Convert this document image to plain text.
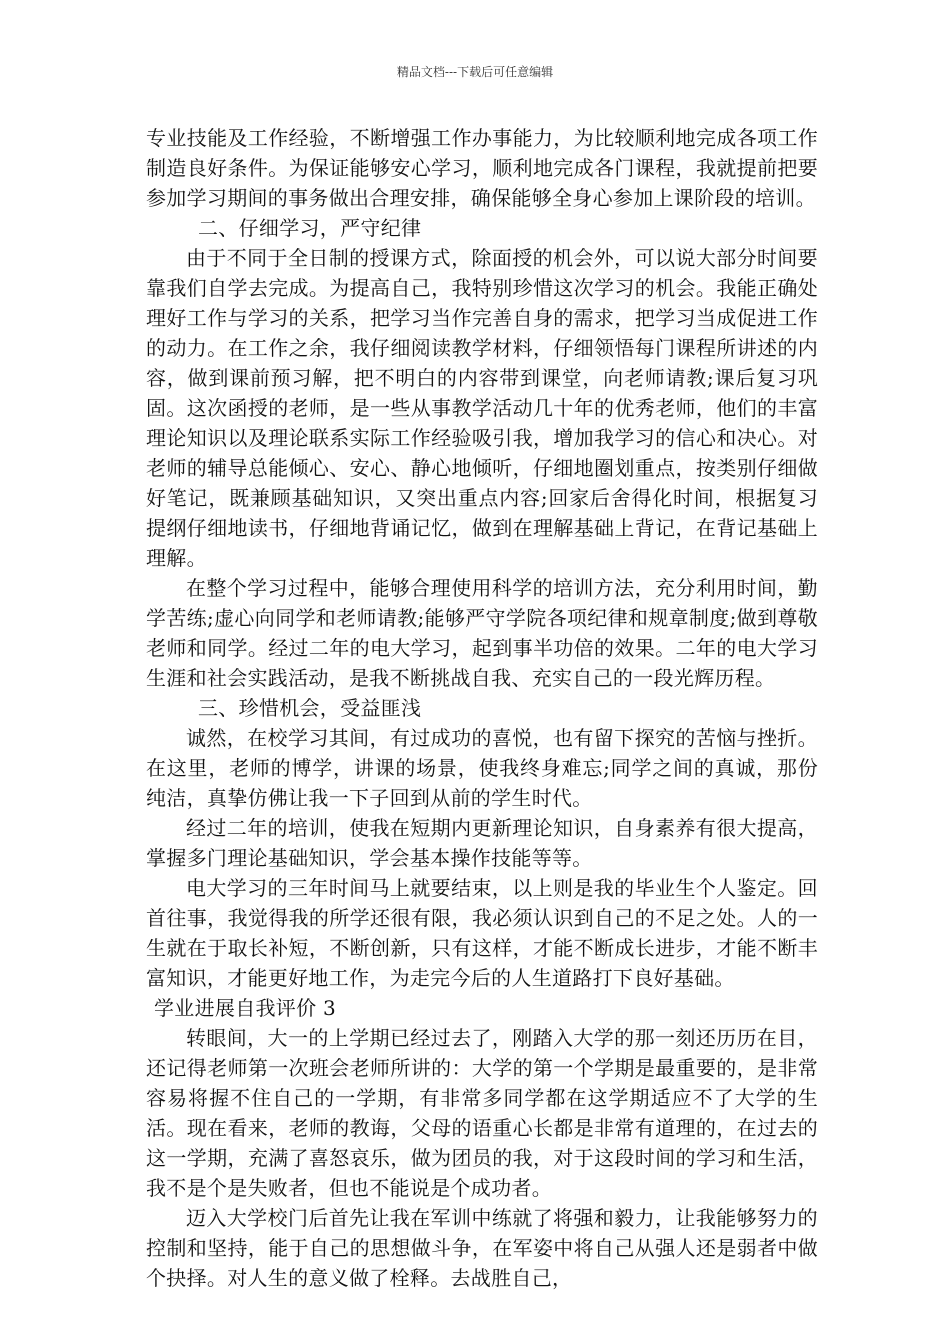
精品文档---下载后可任意编辑

专业技能及工作经验，不断增强工作办事能力，为比较顺利地完成各项工作制造良好条件。为保证能够安心学习，顺利地完成各门课程，我就提前把要参加学习期间的事务做出合理安排，确保能够全身心参加上课阶段的培训。

二、仔细学习，严守纪律

由于不同于全日制的授课方式，除面授的机会外，可以说大部分时间要靠我们自学去完成。为提高自己，我特别珍惜这次学习的机会。我能正确处理好工作与学习的关系，把学习当作完善自身的需求，把学习当成促进工作的动力。在工作之余，我仔细阅读教学材料，仔细领悟每门课程所讲述的内容，做到课前预习解，把不明白的内容带到课堂，向老师请教;课后复习巩固。这次函授的老师，是一些从事教学活动几十年的优秀老师，他们的丰富理论知识以及理论联系实际工作经验吸引我，增加我学习的信心和决心。对老师的辅导总能倾心、安心、静心地倾听，仔细地圈划重点，按类别仔细做好笔记，既兼顾基础知识，又突出重点内容;回家后舍得化时间，根据复习提纲仔细地读书，仔细地背诵记忆，做到在理解基础上背记，在背记基础上理解。

在整个学习过程中，能够合理使用科学的培训方法，充分利用时间，勤学苦练;虚心向同学和老师请教;能够严守学院各项纪律和规章制度;做到尊敬老师和同学。经过二年的电大学习，起到事半功倍的效果。二年的电大学习生涯和社会实践活动，是我不断挑战自我、充实自己的一段光辉历程。

三、珍惜机会，受益匪浅

诚然，在校学习其间，有过成功的喜悦，也有留下探究的苦恼与挫折。在这里，老师的博学，讲课的场景，使我终身难忘;同学之间的真诚，那份纯洁，真挚仿佛让我一下子回到从前的学生时代。

经过二年的培训，使我在短期内更新理论知识，自身素养有很大提高，掌握多门理论基础知识，学会基本操作技能等等。

电大学习的三年时间马上就要结束，以上则是我的毕业生个人鉴定。回首往事，我觉得我的所学还很有限，我必须认识到自己的不足之处。人的一生就在于取长补短，不断创新，只有这样，才能不断成长进步，才能不断丰富知识，才能更好地工作，为走完今后的人生道路打下良好基础。

学业进展自我评价 3

转眼间，大一的上学期已经过去了，刚踏入大学的那一刻还历历在目，还记得老师第一次班会老师所讲的：大学的第一个学期是最重要的，是非常容易将握不住自己的一学期，有非常多同学都在这学期适应不了大学的生活。现在看来，老师的教诲，父母的语重心长都是非常有道理的，在过去的这一学期，充满了喜怒哀乐，做为团员的我，对于这段时间的学习和生活，我不是个是失败者，但也不能说是个成功者。

迈入大学校门后首先让我在军训中练就了将强和毅力，让我能够努力的控制和坚持，能于自己的思想做斗争，在军姿中将自己从强人还是弱者中做个抉择。对人生的意义做了栓释。去战胜自己，
